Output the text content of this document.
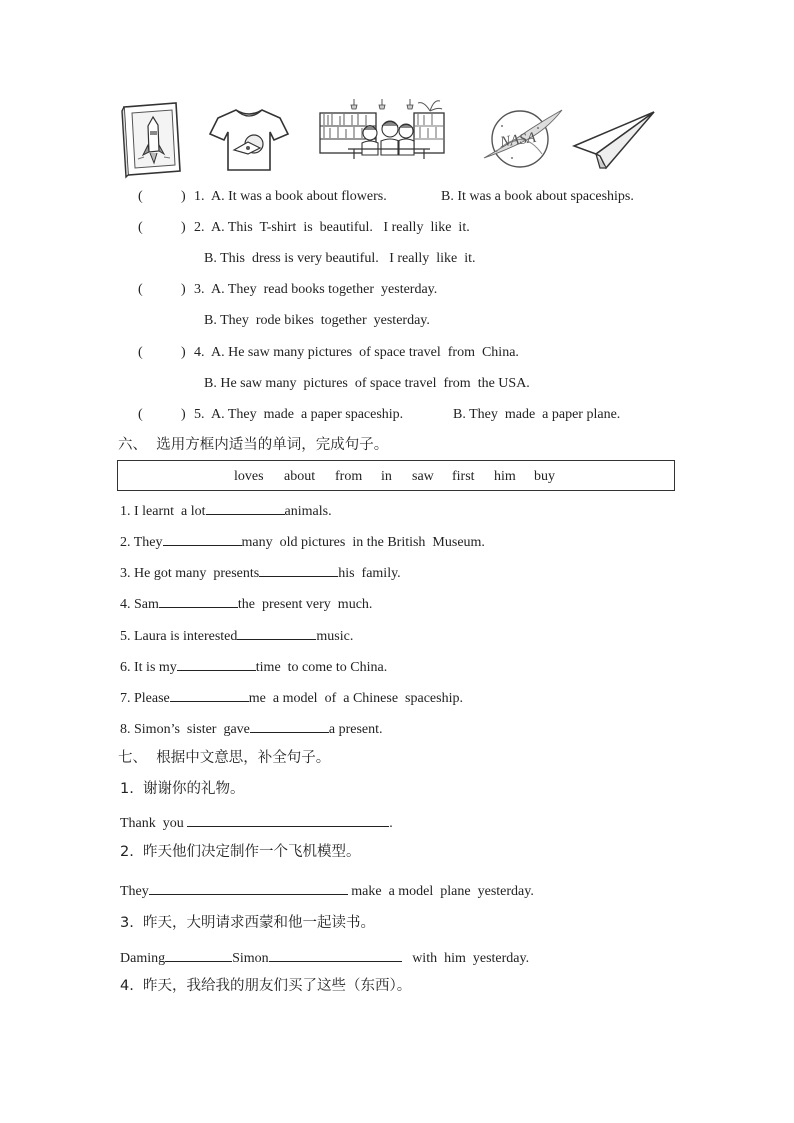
NASA
(	) 1. A. It was a book about flowers.	B. It was a book about spaceships.
(	) 2. A. This  T-shirt  is  beautiful.   I really  like  it.
B. This  dress is very beautiful.   I really  like  it.
(	) 3. A. They  read books together  yesterday.
B. They  rode bikes  together  yesterday.
(	) 4. A. He saw many pictures  of space travel  from  China.
B. He saw many  pictures  of space travel  from  the USA.
(	) 5. A. They  made  a paper spaceship.	B. They  made  a paper plane.
六、  选用方框内适当的单词，完成句子。
loves about from in saw first him buy
1. I learnt  a lot	animals.
2. They	many  old pictures  in the British  Museum.
3. He got many  presents	his  family.
4. Sam	the  present very  much.
5. Laura is interested	music.
6. It is my	time  to come to China.
7. Please	me  a model  of  a Chinese  spaceship.
8. Simon’s  sister  gave	a present.
七、  根据中文意思，补全句子。
1.  谢谢你的礼物。
Thank  you	.
2.  昨天他们决定制作一个飞机模型。
They	make  a model  plane  yesterday.
3.  昨天，大明请求西蒙和他一起读书。
Daming	Simon	with  him  yesterday.
4.  昨天，我给我的朋友们买了这些（东西）。
